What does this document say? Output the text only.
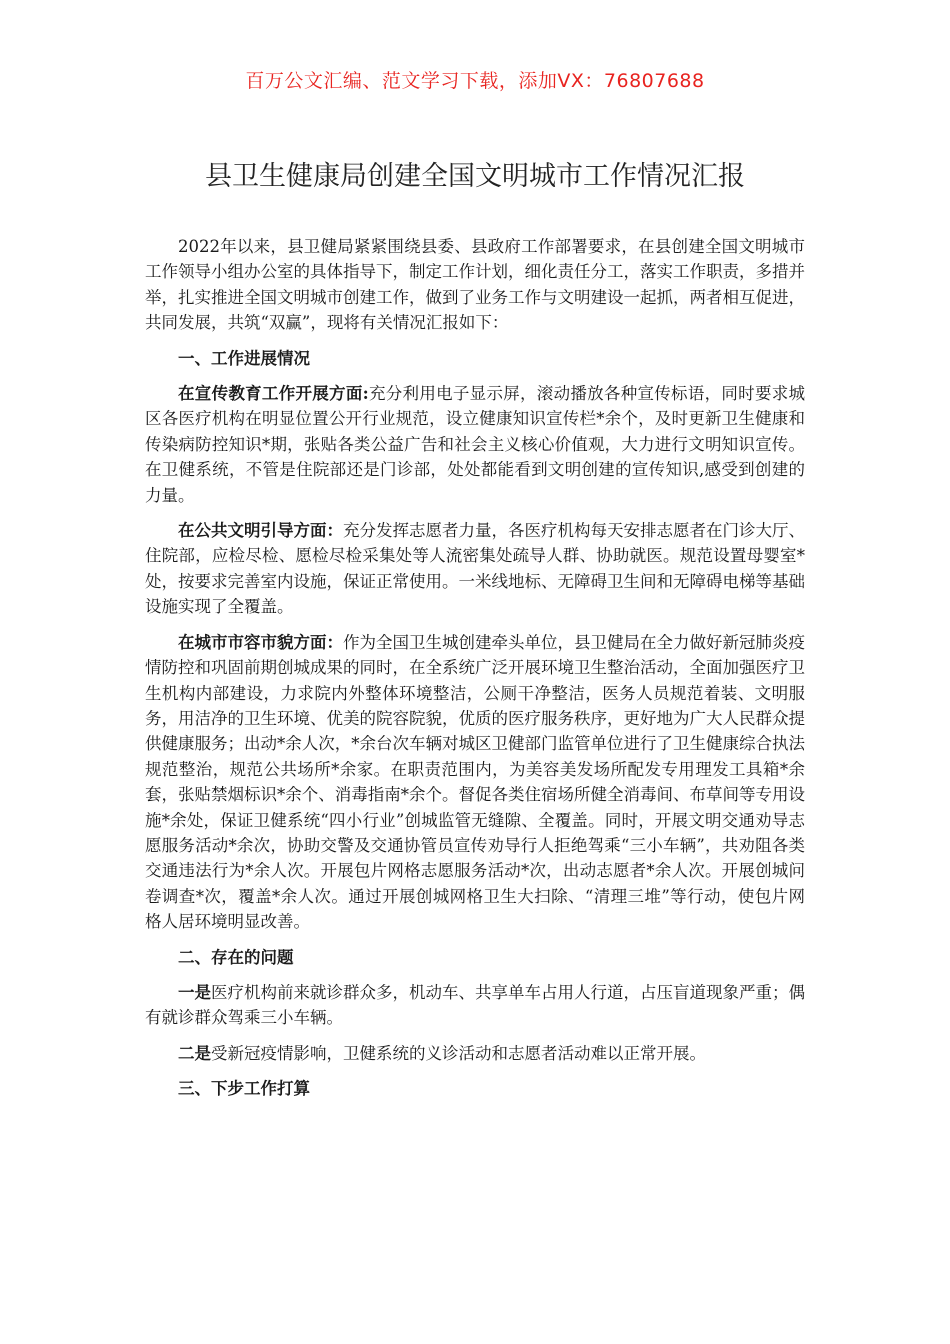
百万公文汇编、范文学习下载，添加VX：76807688
县卫生健康局创建全国文明城市工作情况汇报

2022年以来，县卫健局紧紧围绕县委、县政府工作部署要求，在县创建全国文明城市工作领导小组办公室的具体指导下，制定工作计划，细化责任分工，落实工作职责，多措并举，扎实推进全国文明城市创建工作，做到了业务工作与文明建设一起抓，两者相互促进，共同发展，共筑“双赢”，现将有关情况汇报如下：

一、工作进展情况

在宣传教育工作开展方面:充分利用电子显示屏，滚动播放各种宣传标语，同时要求城区各医疗机构在明显位置公开行业规范，设立健康知识宣传栏*余个，及时更新卫生健康和传染病防控知识*期，张贴各类公益广告和社会主义核心价值观，大力进行文明知识宣传。在卫健系统，不管是住院部还是门诊部，处处都能看到文明创建的宣传知识,感受到创建的力量。

在公共文明引导方面：充分发挥志愿者力量，各医疗机构每天安排志愿者在门诊大厅、住院部，应检尽检、愿检尽检采集处等人流密集处疏导人群、协助就医。规范设置母婴室*处，按要求完善室内设施，保证正常使用。一米线地标、无障碍卫生间和无障碍电梯等基础设施实现了全覆盖。

在城市市容市貌方面：作为全国卫生城创建牵头单位，县卫健局在全力做好新冠肺炎疫情防控和巩固前期创城成果的同时，在全系统广泛开展环境卫生整治活动，全面加强医疗卫生机构内部建设，力求院内外整体环境整洁，公厕干净整洁，医务人员规范着装、文明服务，用洁净的卫生环境、优美的院容院貌，优质的医疗服务秩序，更好地为广大人民群众提供健康服务；出动*余人次，*余台次车辆对城区卫健部门监管单位进行了卫生健康综合执法规范整治，规范公共场所*余家。在职责范围内，为美容美发场所配发专用理发工具箱*余套，张贴禁烟标识*余个、消毒指南*余个。督促各类住宿场所健全消毒间、布草间等专用设施*余处，保证卫健系统“四小行业”创城监管无缝隙、全覆盖。同时，开展文明交通劝导志愿服务活动*余次，协助交警及交通协管员宣传劝导行人拒绝驾乘“三小车辆”，共劝阻各类交通违法行为*余人次。开展包片网格志愿服务活动*次，出动志愿者*余人次。开展创城问卷调查*次，覆盖*余人次。通过开展创城网格卫生大扫除、“清理三堆”等行动，使包片网格人居环境明显改善。

二、存在的问题

一是医疗机构前来就诊群众多，机动车、共享单车占用人行道，占压盲道现象严重；偶有就诊群众驾乘三小车辆。

二是受新冠疫情影响，卫健系统的义诊活动和志愿者活动难以正常开展。

三、下步工作打算
